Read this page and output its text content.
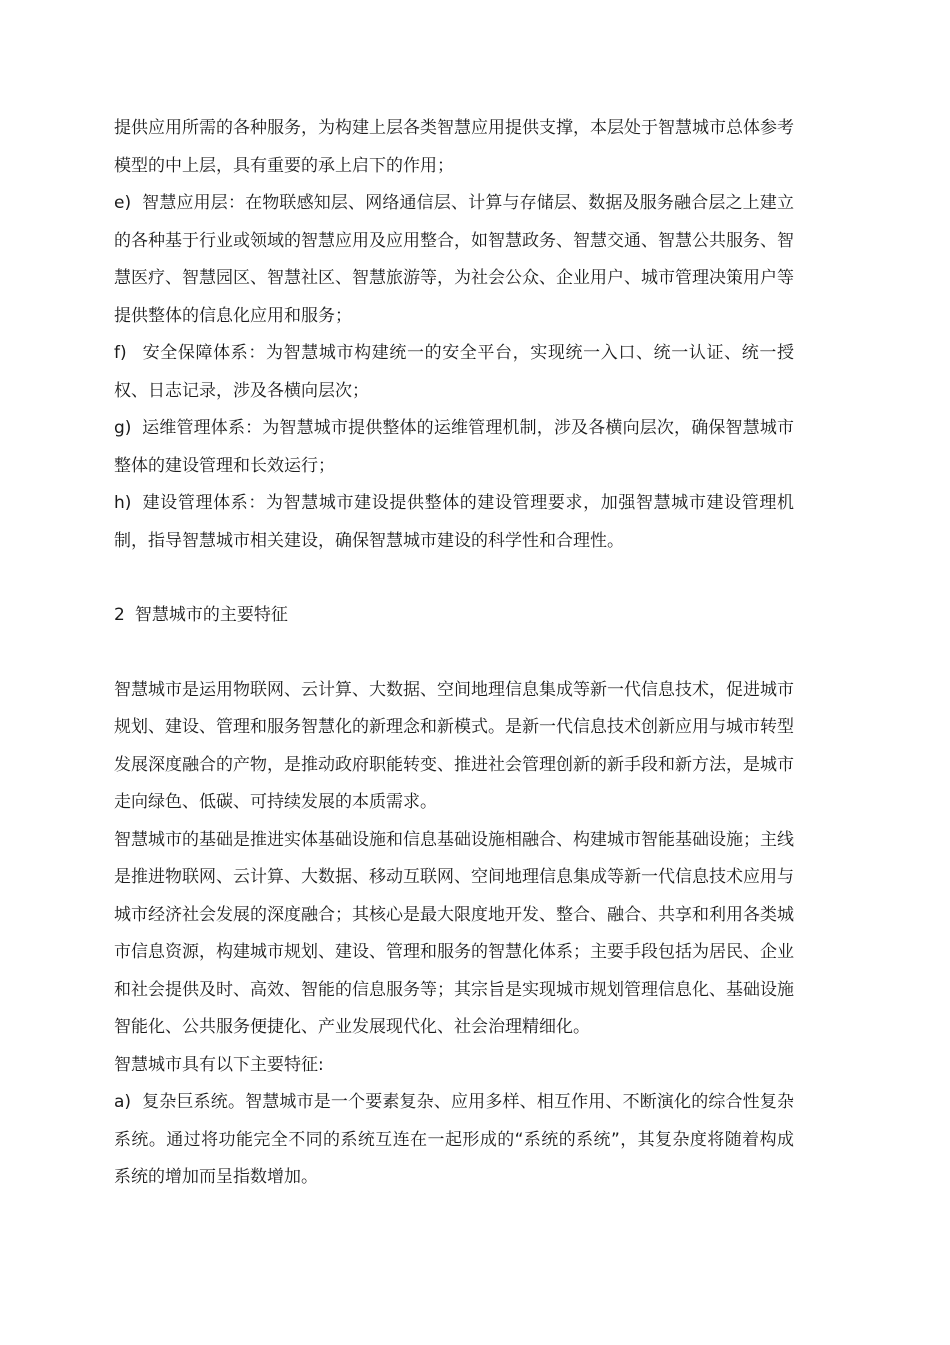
提供应用所需的各种服务，为构建上层各类智慧应用提供支撑，本层处于智慧城市总体参考模型的中上层，具有重要的承上启下的作用；

e) 智慧应用层：在物联感知层、网络通信层、计算与存储层、数据及服务融合层之上建立的各种基于行业或领域的智慧应用及应用整合，如智慧政务、智慧交通、智慧公共服务、智慧医疗、智慧园区、智慧社区、智慧旅游等，为社会公众、企业用户、城市管理决策用户等提供整体的信息化应用和服务；

f) 安全保障体系：为智慧城市构建统一的安全平台，实现统一入口、统一认证、统一授权、日志记录，涉及各横向层次；

g) 运维管理体系：为智慧城市提供整体的运维管理机制，涉及各横向层次，确保智慧城市整体的建设管理和长效运行；

h) 建设管理体系：为智慧城市建设提供整体的建设管理要求，加强智慧城市建设管理机制，指导智慧城市相关建设，确保智慧城市建设的科学性和合理性。

2 智慧城市的主要特征

智慧城市是运用物联网、云计算、大数据、空间地理信息集成等新一代信息技术，促进城市规划、建设、管理和服务智慧化的新理念和新模式。是新一代信息技术创新应用与城市转型发展深度融合的产物，是推动政府职能转变、推进社会管理创新的新手段和新方法，是城市走向绿色、低碳、可持续发展的本质需求。

智慧城市的基础是推进实体基础设施和信息基础设施相融合、构建城市智能基础设施；主线是推进物联网、云计算、大数据、移动互联网、空间地理信息集成等新一代信息技术应用与城市经济社会发展的深度融合；其核心是最大限度地开发、整合、融合、共享和利用各类城市信息资源，构建城市规划、建设、管理和服务的智慧化体系；主要手段包括为居民、企业和社会提供及时、高效、智能的信息服务等；其宗旨是实现城市规划管理信息化、基础设施智能化、公共服务便捷化、产业发展现代化、社会治理精细化。

智慧城市具有以下主要特征:

a) 复杂巨系统。智慧城市是一个要素复杂、应用多样、相互作用、不断演化的综合性复杂系统。通过将功能完全不同的系统互连在一起形成的“系统的系统”，其复杂度将随着构成系统的增加而呈指数增加。
